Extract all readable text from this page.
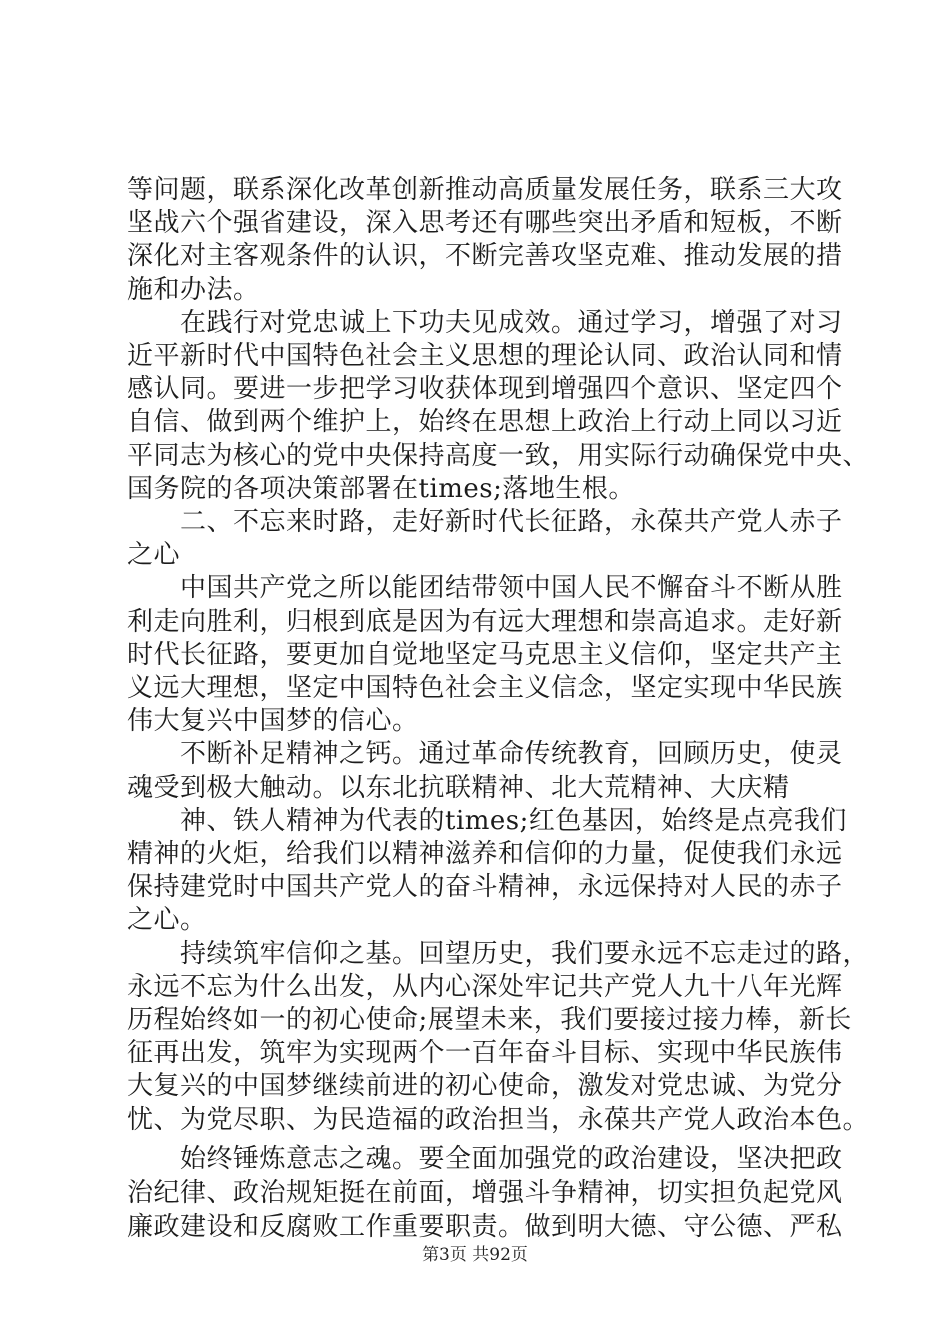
等问题，联系深化改革创新推动高质量发展任务，联系三大攻
坚战六个强省建设，深入思考还有哪些突出矛盾和短板，不断
深化对主客观条件的认识，不断完善攻坚克难、推动发展的措
施和办法。
　　在践行对党忠诚上下功夫见成效。通过学习，增强了对习
近平新时代中国特色社会主义思想的理论认同、政治认同和情
感认同。要进一步把学习收获体现到增强四个意识、坚定四个
自信、做到两个维护上，始终在思想上政治上行动上同以习近
平同志为核心的党中央保持高度一致，用实际行动确保党中央、
国务院的各项决策部署在times;落地生根。
　　二、不忘来时路，走好新时代长征路，永葆共产党人赤子
之心
　　中国共产党之所以能团结带领中国人民不懈奋斗不断从胜
利走向胜利，归根到底是因为有远大理想和崇高追求。走好新
时代长征路，要更加自觉地坚定马克思主义信仰，坚定共产主
义远大理想，坚定中国特色社会主义信念，坚定实现中华民族
伟大复兴中国梦的信心。
　　不断补足精神之钙。通过革命传统教育，回顾历史，使灵
魂受到极大触动。以东北抗联精神、北大荒精神、大庆精
　　神、铁人精神为代表的times;红色基因，始终是点亮我们
精神的火炬，给我们以精神滋养和信仰的力量，促使我们永远
保持建党时中国共产党人的奋斗精神，永远保持对人民的赤子
之心。
　　持续筑牢信仰之基。回望历史，我们要永远不忘走过的路，
永远不忘为什么出发，从内心深处牢记共产党人九十八年光辉
历程始终如一的初心使命;展望未来，我们要接过接力棒，新长
征再出发，筑牢为实现两个一百年奋斗目标、实现中华民族伟
大复兴的中国梦继续前进的初心使命，激发对党忠诚、为党分
忧、为党尽职、为民造福的政治担当，永葆共产党人政治本色。
　　始终锤炼意志之魂。要全面加强党的政治建设，坚决把政
治纪律、政治规矩挺在前面，增强斗争精神，切实担负起党风
廉政建设和反腐败工作重要职责。做到明大德、守公德、严私
第3页 共92页
